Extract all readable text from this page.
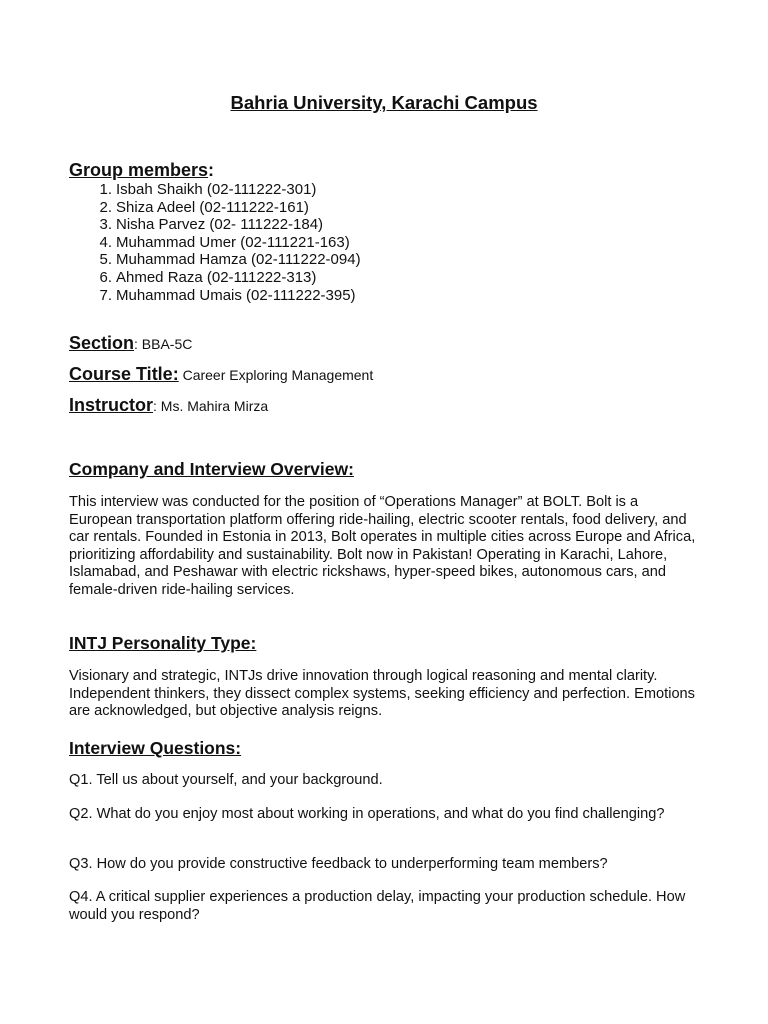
Bahria University, Karachi Campus
Group members:
1. Isbah Shaikh (02-111222-301)
2. Shiza Adeel (02-111222-161)
3. Nisha Parvez (02- 111222-184)
4. Muhammad Umer (02-111221-163)
5. Muhammad Hamza (02-111222-094)
6. Ahmed Raza (02-111222-313)
7. Muhammad Umais (02-111222-395)
Section: BBA-5C
Course Title: Career Exploring Management
Instructor: Ms. Mahira Mirza
Company and Interview Overview:

This interview was conducted for the position of “Operations Manager” at BOLT. Bolt is a European transportation platform offering ride-hailing, electric scooter rentals, food delivery, and car rentals. Founded in Estonia in 2013, Bolt operates in multiple cities across Europe and Africa, prioritizing affordability and sustainability. Bolt now in Pakistan! Operating in Karachi, Lahore, Islamabad, and Peshawar with electric rickshaws, hyper-speed bikes, autonomous cars, and female-driven ride-hailing services.

INTJ Personality Type:

Visionary and strategic, INTJs drive innovation through logical reasoning and mental clarity. Independent thinkers, they dissect complex systems, seeking efficiency and perfection. Emotions are acknowledged, but objective analysis reigns.

Interview Questions:

Q1. Tell us about yourself, and your background.

Q2. What do you enjoy most about working in operations, and what do you find challenging?

Q3. How do you provide constructive feedback to underperforming team members?

Q4. A critical supplier experiences a production delay, impacting your production schedule. How would you respond?
